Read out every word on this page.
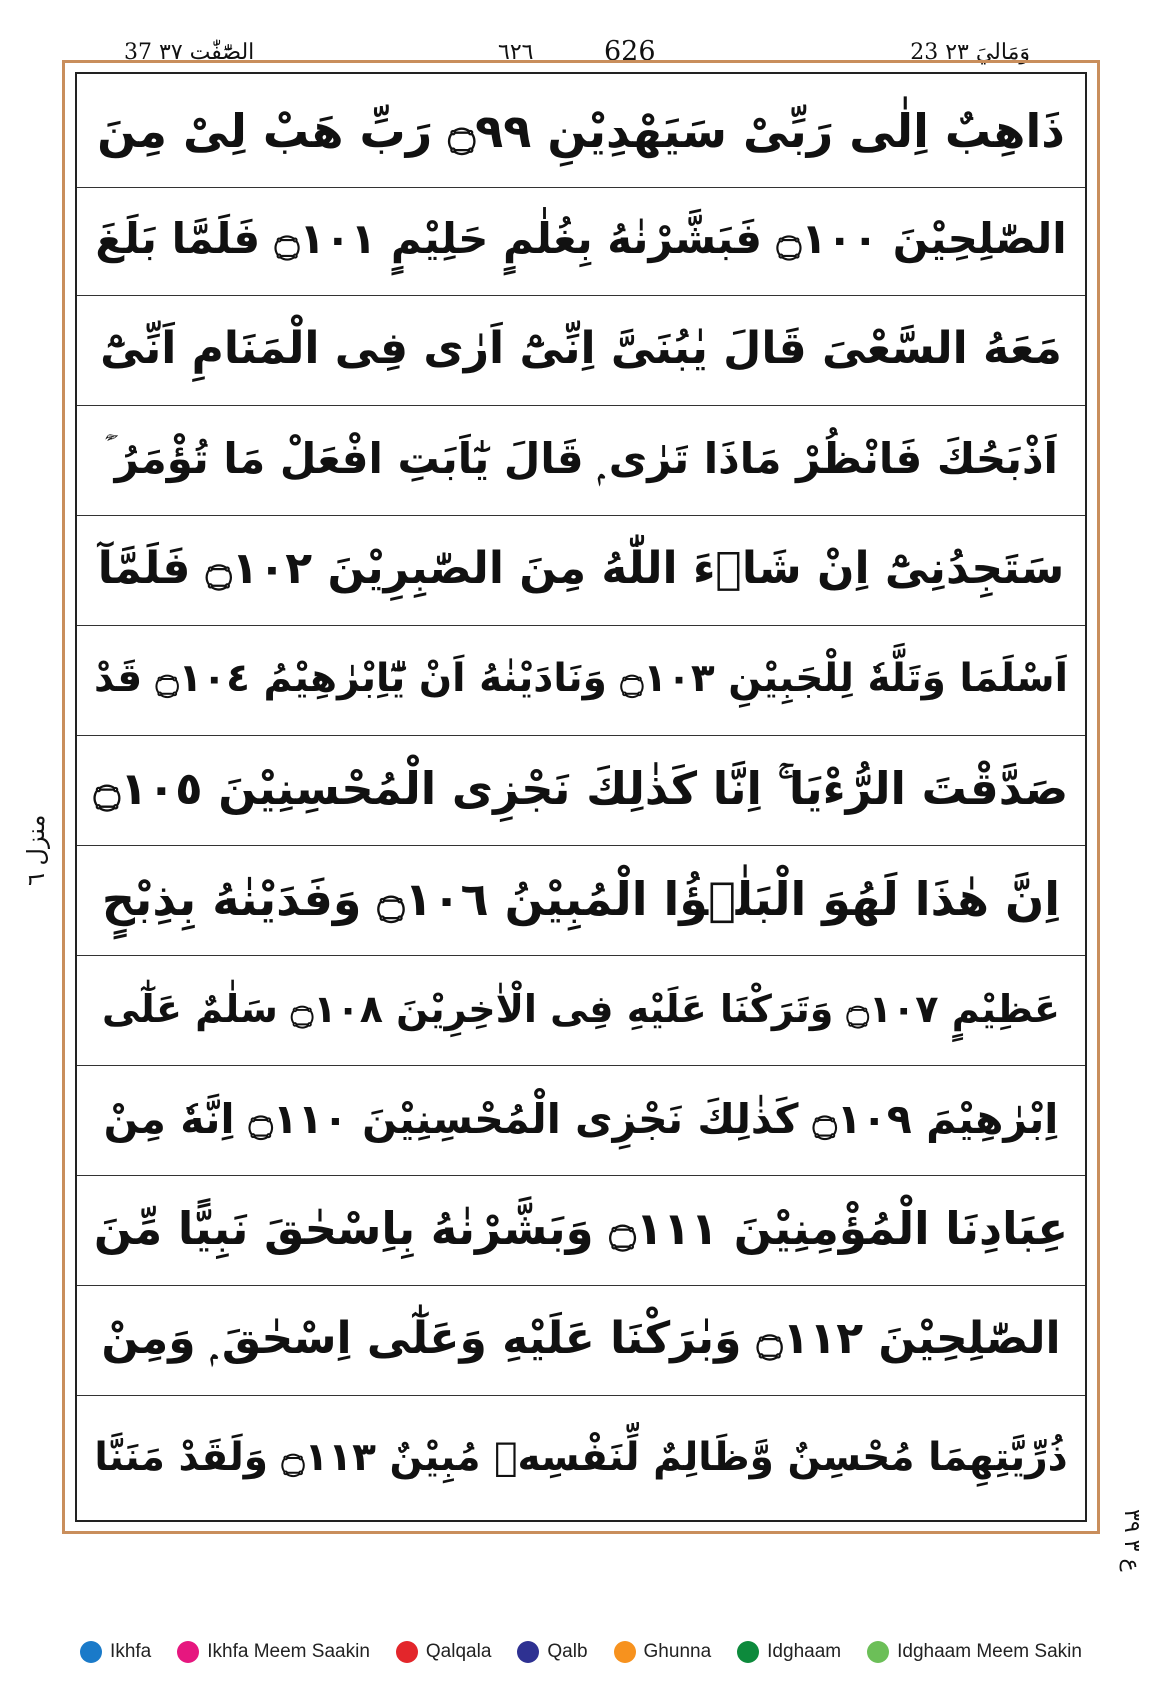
37 الصّٰٓفّٰت ٣٧	٦٢٦	626	23 وَمَالِيَ ٢٣
ذَاهِبٌ اِلٰى رَبِّىْ سَيَهْدِيْنِ ۝٩٩ رَبِّ هَبْ لِىْ مِنَ
الصّٰلِحِيْنَ ۝١٠٠ فَبَشَّرْنٰهُ بِغُلٰمٍ حَلِيْمٍ ۝١٠١ فَلَمَّا بَلَغَ
مَعَهُ السَّعْىَ قَالَ يٰبُنَىَّ اِنِّىْٓ اَرٰى فِى الْمَنَامِ اَنِّىْٓ
اَذْبَحُكَ فَانْظُرْ مَاذَا تَرٰى ۭ قَالَ يٰٓاَبَتِ افْعَلْ مَا تُؤْمَرُ ۡ
سَتَجِدُنِىْٓ اِنْ شَاۗءَ اللّٰهُ مِنَ الصّٰبِرِيْنَ ۝١٠٢ فَلَمَّآ
اَسْلَمَا وَتَلَّهٗ لِلْجَبِيْنِ ۝١٠٣ وَنَادَيْنٰهُ اَنْ يّٰٓاِبْرٰهِيْمُ ۝١٠٤ قَدْ
صَدَّقْتَ الرُّءْيَا ۚ اِنَّا كَذٰلِكَ نَجْزِى الْمُحْسِنِيْنَ ۝١٠٥
اِنَّ هٰذَا لَهُوَ الْبَلٰۗؤُا الْمُبِيْنُ ۝١٠٦ وَفَدَيْنٰهُ بِذِبْحٍ
عَظِيْمٍ ۝١٠٧ وَتَرَكْنَا عَلَيْهِ فِى الْاٰخِرِيْنَ ۝١٠٨ سَلٰمٌ عَلٰٓى
اِبْرٰهِيْمَ ۝١٠٩ كَذٰلِكَ نَجْزِى الْمُحْسِنِيْنَ ۝١١٠ اِنَّهٗ مِنْ
عِبَادِنَا الْمُؤْمِنِيْنَ ۝١١١ وَبَشَّرْنٰهُ بِاِسْحٰقَ نَبِيًّا مِّنَ
الصّٰلِحِيْنَ ۝١١٢ وَبٰرَكْنَا عَلَيْهِ وَعَلٰٓى اِسْحٰقَ ۭ وَمِنْ
ذُرِّيَّتِهِمَا مُحْسِنٌ وَّظَالِمٌ لِّنَفْسِهٖ مُبِيْنٌ ۝١١٣ وَلَقَدْ مَنَنَّا
منزل ٦
ع ٣ ٣٩
Ikhfa	Ikhfa Meem Saakin	Qalqala	Qalb	Ghunna	Idghaam	Idghaam Meem Sakin
